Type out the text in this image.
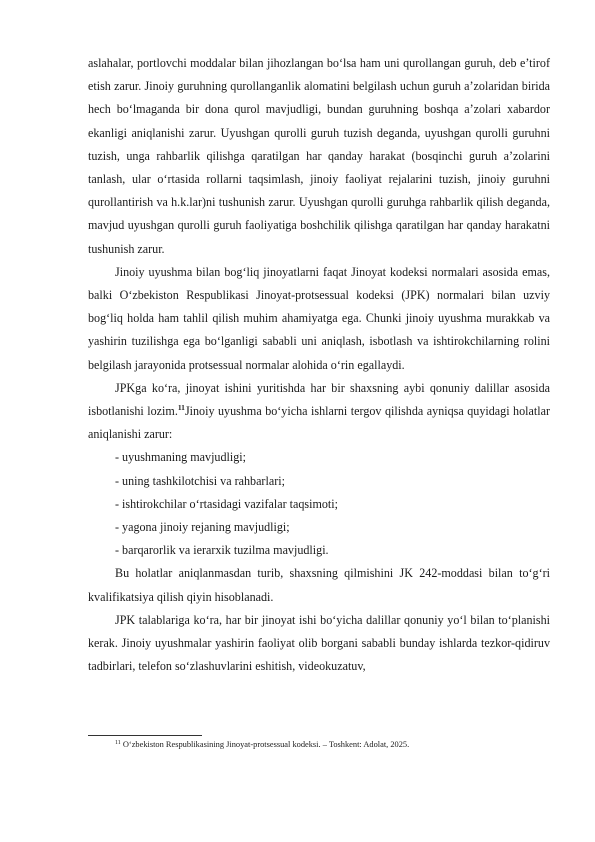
aslahalar, portlovchi moddalar bilan jihozlangan bo‘lsa ham uni qurollangan guruh, deb e’tirof etish zarur. Jinoiy guruhning qurollanganlik alomatini belgilash uchun guruh a’zolaridan birida hech bo‘lmaganda bir dona qurol mavjudligi, bundan guruhning boshqa a’zolari xabardor ekanligi aniqlanishi zarur. Uyushgan qurolli guruh tuzish deganda, uyushgan qurolli guruhni tuzish, unga rahbarlik qilishga qaratilgan har qanday harakat (bosqinchi guruh a’zolarini tanlash, ular o‘rtasida rollarni taqsimlash, jinoiy faoliyat rejalarini tuzish, jinoiy guruhni qurollantirish va h.k.lar)ni tushunish zarur. Uyushgan qurolli guruhga rahbarlik qilish deganda, mavjud uyushgan qurolli guruh faoliyatiga boshchilik qilishga qaratilgan har qanday harakatni tushunish zarur.

Jinoiy uyushma bilan bog‘liq jinoyatlarni faqat Jinoyat kodeksi normalari asosida emas, balki O‘zbekiston Respublikasi Jinoyat-protsessual kodeksi (JPK) normalari bilan uzviy bog‘liq holda ham tahlil qilish muhim ahamiyatga ega. Chunki jinoiy uyushma murakkab va yashirin tuzilishga ega bo‘lganligi sababli uni aniqlash, isbotlash va ishtirokchilarning rolini belgilash jarayonida protsessual normalar alohida o‘rin egallaydi.

JPKga ko‘ra, jinoyat ishini yuritishda har bir shaxsning aybi qonuniy dalillar asosida isbotlanishi lozim.$^{11}$Jinoiy uyushma bo‘yicha ishlarni tergov qilishda ayniqsa quyidagi holatlar aniqlanishi zarur:

- uyushmaning mavjudligi;

- uning tashkilotchisi va rahbarlari;

- ishtirokchilar o‘rtasidagi vazifalar taqsimoti;

- yagona jinoiy rejaning mavjudligi;

- barqarorlik va ierarxik tuzilma mavjudligi.

Bu holatlar aniqlanmasdan turib, shaxsning qilmishini JK 242-moddasi bilan to‘g‘ri kvalifikatsiya qilish qiyin hisoblanadi.

JPK talablariga ko‘ra, har bir jinoyat ishi bo‘yicha dalillar qonuniy yo‘l bilan to‘planishi kerak. Jinoiy uyushmalar yashirin faoliyat olib borgani sababli bunday ishlarda tezkor-qidiruv tadbirlari, telefon so‘zlashuvlarini eshitish, videokuzatuv,

$^{11}$ O‘zbekiston Respublikasining Jinoyat-protsessual kodeksi. – Toshkent: Adolat, 2025.
